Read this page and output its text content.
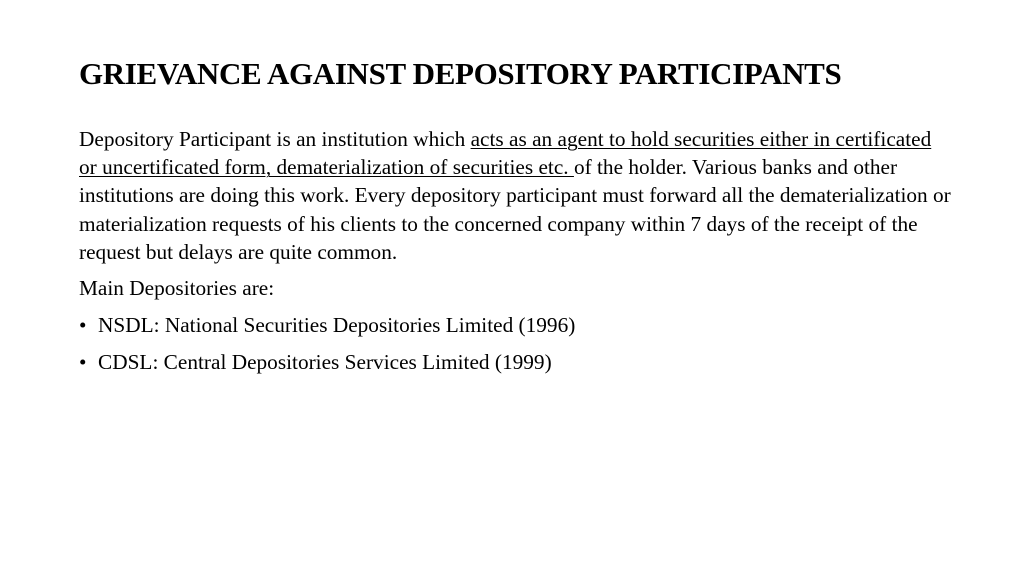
GRIEVANCE AGAINST DEPOSITORY PARTICIPANTS

Depository Participant is an institution which acts as an agent to hold securities either in certificated or uncertificated form, dematerialization of securities etc. of the holder. Various banks and other institutions are doing this work. Every depository participant must forward all the dematerialization or materialization requests of his clients to the concerned company within 7 days of the receipt of the request but delays are quite common.

Main Depositories are:

• NSDL: National Securities Depositories Limited (1996)
• CDSL: Central Depositories Services Limited (1999)
